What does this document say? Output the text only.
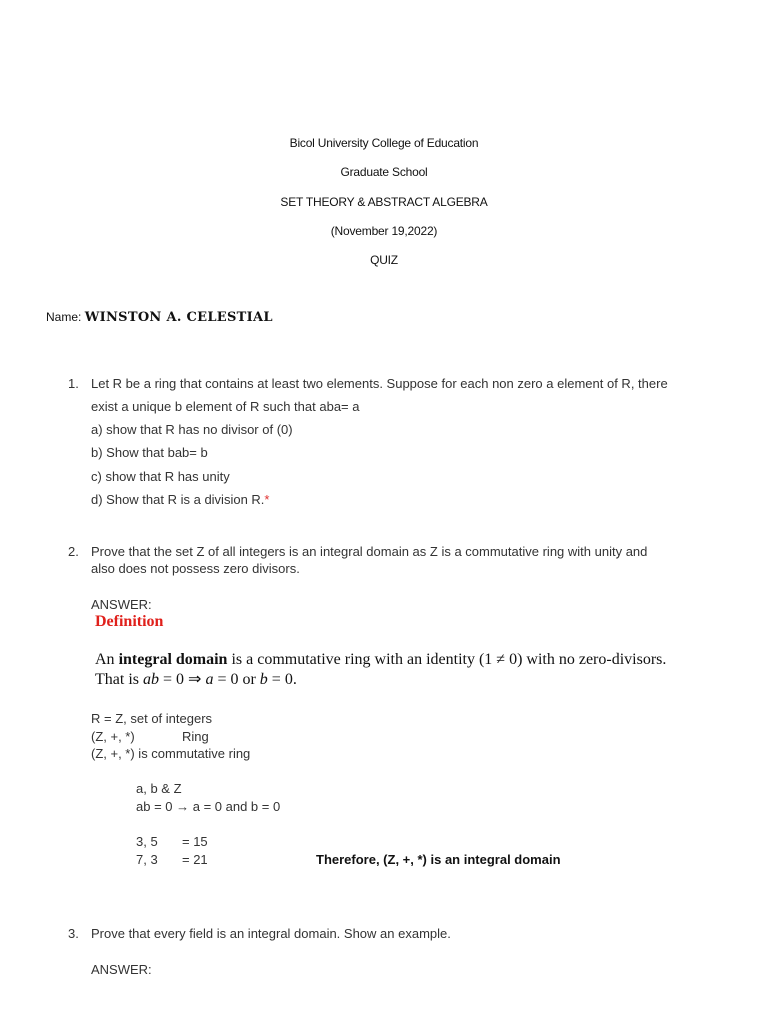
Bicol University College of Education
Graduate School
SET THEORY & ABSTRACT ALGEBRA
(November 19,2022)
QUIZ
Name: WINSTON A. CELESTIAL
1. Let R be a ring that contains at least two elements. Suppose for each non zero a element of R, there
exist a unique b element of R such that aba= a
a) show that R has no divisor of (0)
b) Show that bab= b
c) show that R has unity
d) Show that R is a division R.*
2. Prove that the set Z of all integers is an integral domain as Z is a commutative ring with unity and
also does not possess zero divisors.
ANSWER:
Definition
An integral domain is a commutative ring with an identity (1 ≠ 0) with no zero-divisors.
That is ab = 0 ⇒ a = 0 or b = 0.
R = Z, set of integers
(Z, +, *)	Ring
(Z, +, *) is commutative ring
a, b & Z
ab = 0 → a = 0 and b = 0
3, 5 = 15
7, 3 = 21	Therefore, (Z, +, *) is an integral domain
3. Prove that every field is an integral domain. Show an example.
ANSWER:
